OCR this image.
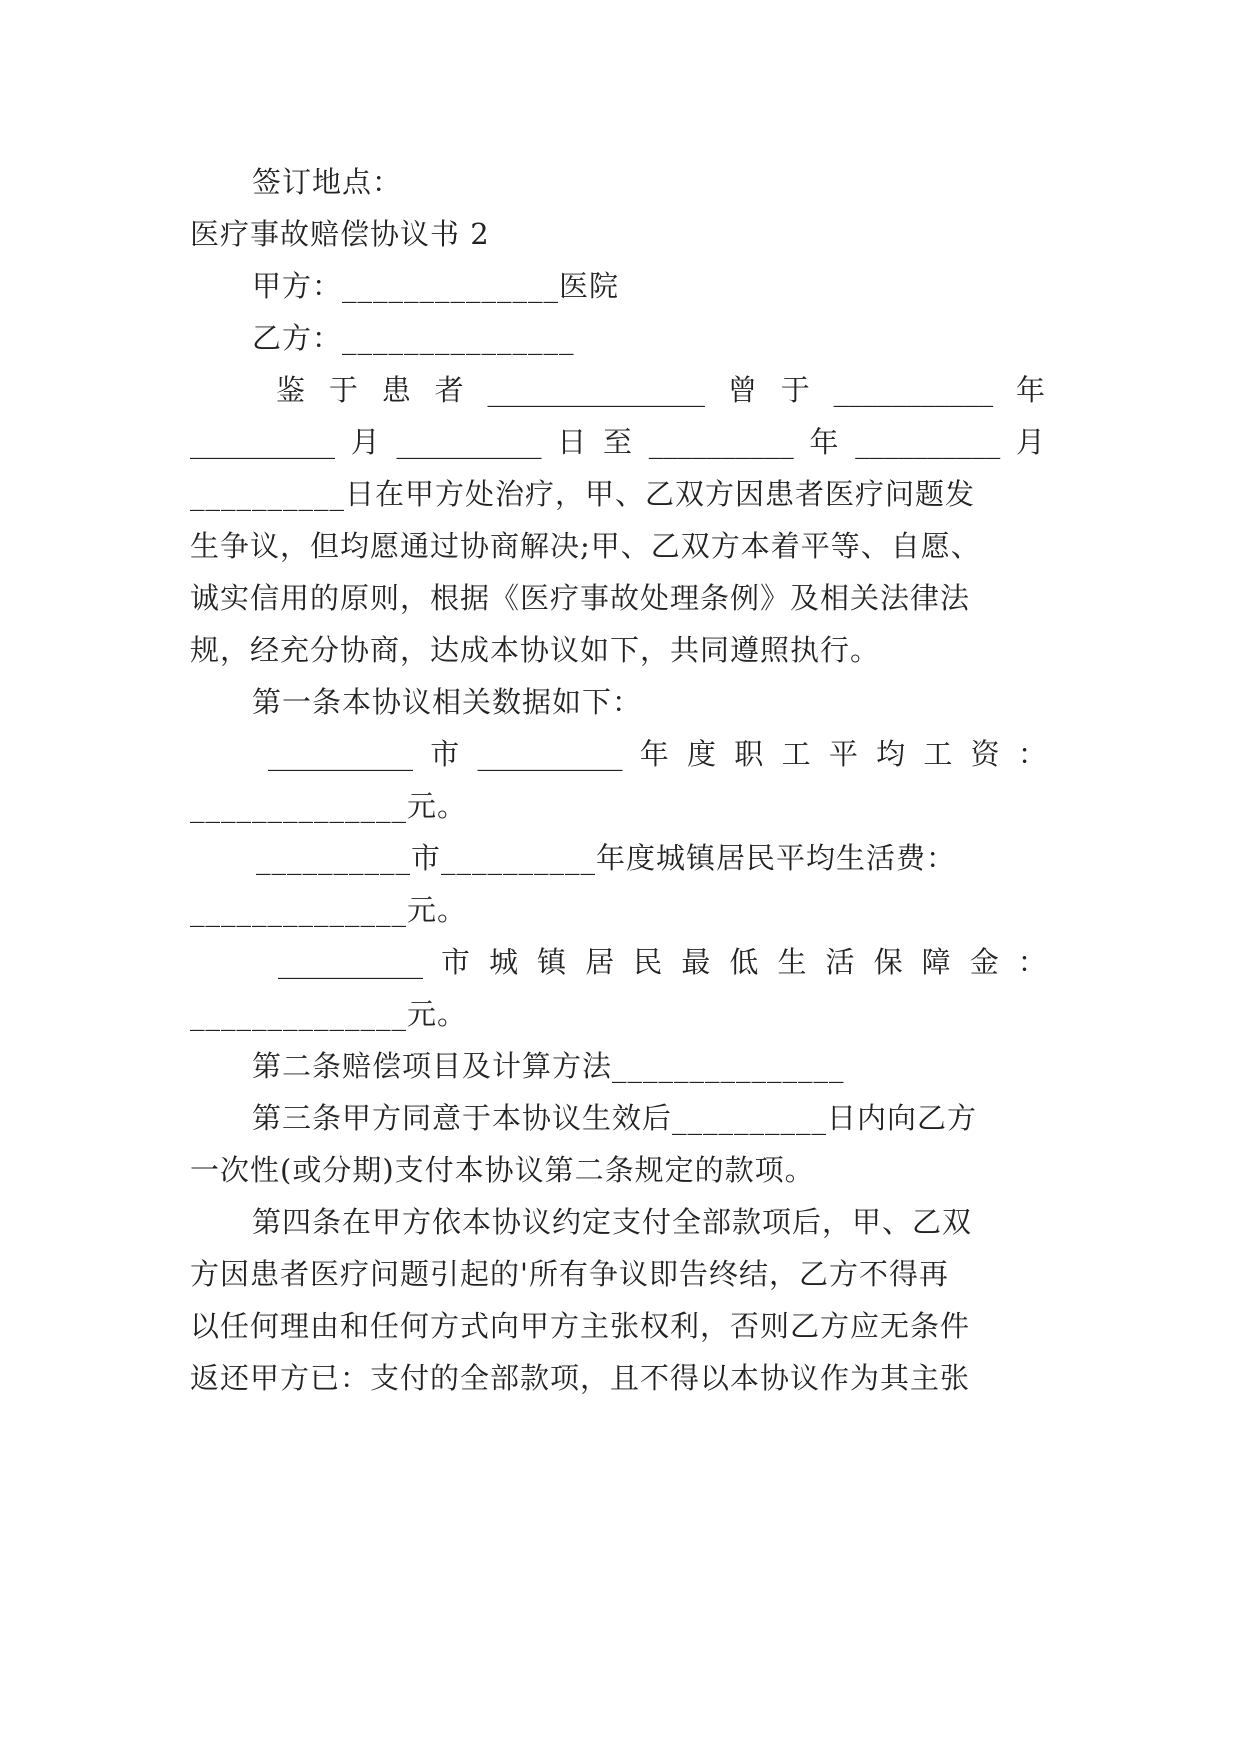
签订地点：
医疗事故赔偿协议书 2
甲方：______________医院
乙方：_______________
鉴 于 患 者 _______________ 曾 于 ___________ 年
__________ 月 __________ 日 至 __________ 年 __________ 月
__________日在甲方处治疗，甲、乙双方因患者医疗问题发
生争议，但均愿通过协商解决;甲、乙双方本着平等、自愿、
诚实信用的原则，根据《医疗事故处理条例》及相关法律法
规，经充分协商，达成本协议如下，共同遵照执行。
第一条本协议相关数据如下：
__________ 市 __________ 年 度 职 工 平 均 工 资 ：
______________元。
__________市__________年度城镇居民平均生活费：
______________元。
__________ 市 城 镇 居 民 最 低 生 活 保 障 金 ：
______________元。
第二条赔偿项目及计算方法_______________
第三条甲方同意于本协议生效后__________日内向乙方
一次性(或分期)支付本协议第二条规定的款项。
第四条在甲方依本协议约定支付全部款项后，甲、乙双
方因患者医疗问题引起的'所有争议即告终结，乙方不得再
以任何理由和任何方式向甲方主张权利，否则乙方应无条件
返还甲方已：支付的全部款项，且不得以本协议作为其主张
